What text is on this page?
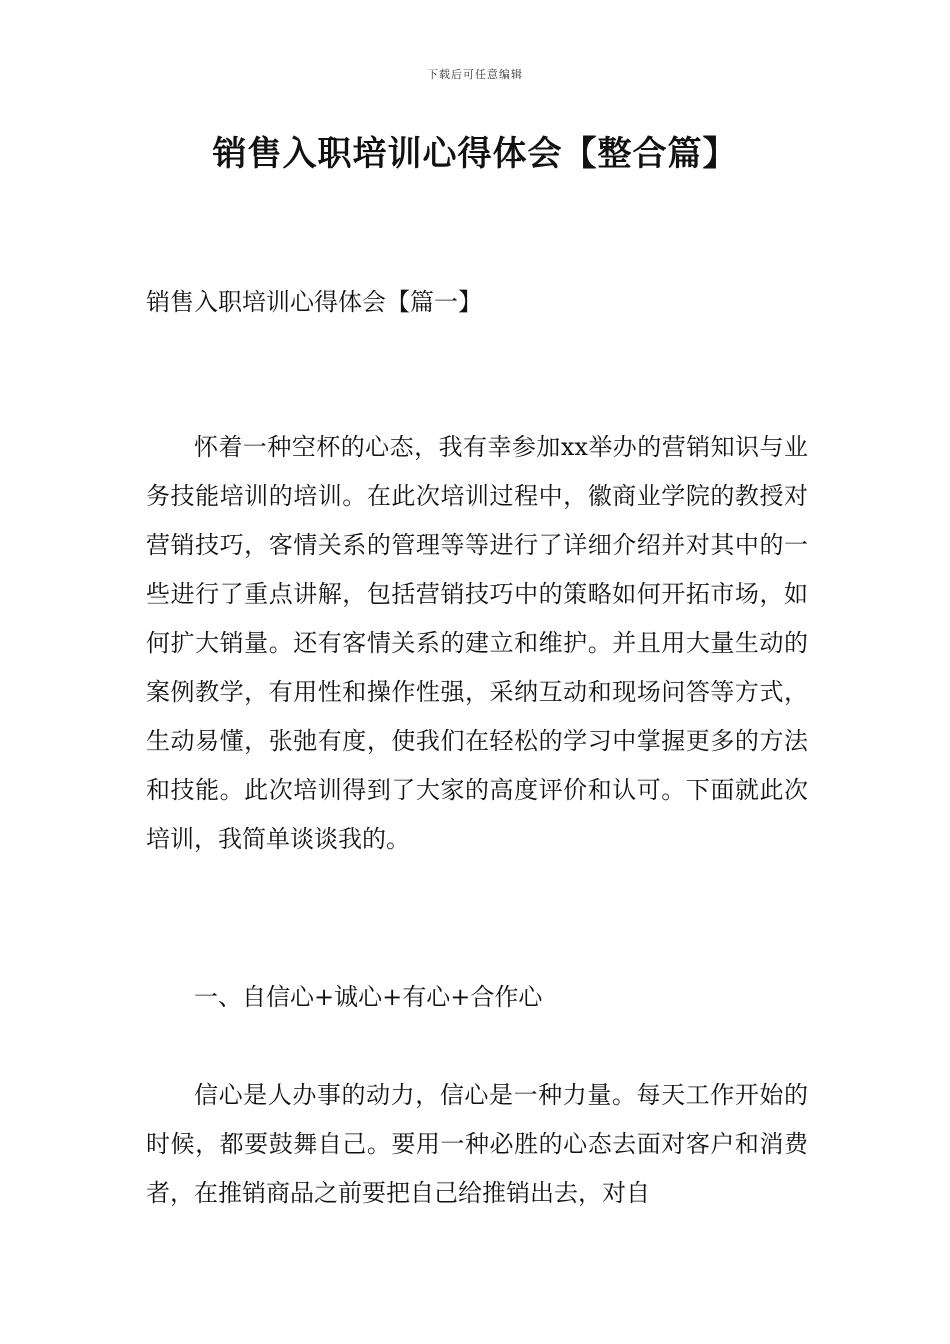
下载后可任意编辑
销售入职培训心得体会【整合篇】
销售入职培训心得体会【篇一】

怀着一种空杯的心态，我有幸参加xx举办的营销知识与业务技能培训的培训。在此次培训过程中，徽商业学院的教授对营销技巧，客情关系的管理等等进行了详细介绍并对其中的一些进行了重点讲解，包括营销技巧中的策略如何开拓市场，如何扩大销量。还有客情关系的建立和维护。并且用大量生动的案例教学，有用性和操作性强，采纳互动和现场问答等方式，生动易懂，张弛有度，使我们在轻松的学习中掌握更多的方法和技能。此次培训得到了大家的高度评价和认可。下面就此次培训，我简单谈谈我的。

一、自信心+诚心+有心+合作心

信心是人办事的动力，信心是一种力量。每天工作开始的时候，都要鼓舞自己。要用一种必胜的心态去面对客户和消费者，在推销商品之前要把自己给推销出去，对自
